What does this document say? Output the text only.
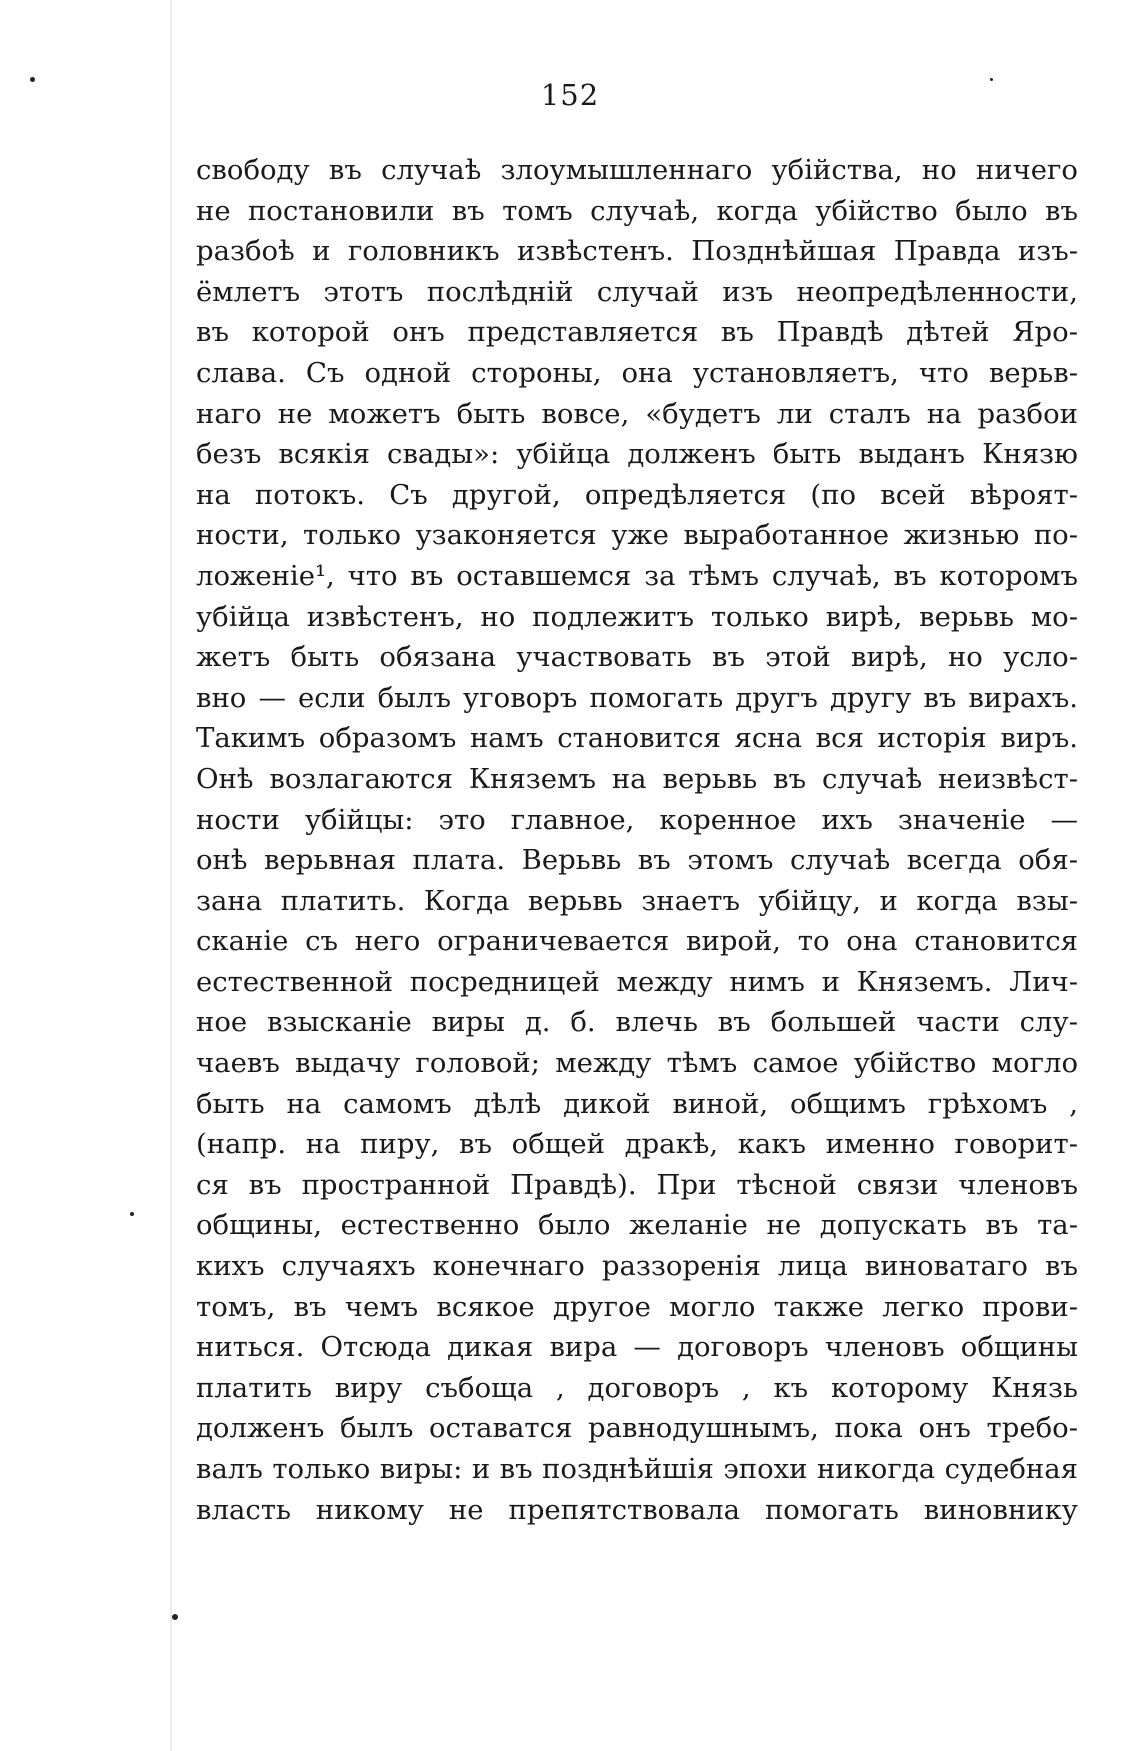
152
свободу въ случаѣ злоумышленнаго убійства, но ничего
не постановили въ томъ случаѣ, когда убійство было въ
разбоѣ и головникъ извѣстенъ. Позднѣйшая Правда изъ-
ёмлетъ этотъ послѣдній случай изъ неопредѣленности,
въ которой онъ представляется въ Правдѣ дѣтей Яро-
слава. Съ одной стороны, она установляетъ, что верьв-
наго не можетъ быть вовсе, «будетъ ли сталъ на разбои
безъ всякія свады»: убійца долженъ быть выданъ Князю
на потокъ. Съ другой, опредѣляется (по всей вѣроят-
ности, только узаконяется уже выработанное жизнью по-
ложеніе¹, что въ оставшемся за тѣмъ случаѣ, въ которомъ
убійца извѣстенъ, но подлежитъ только вирѣ, верьвь мо-
жетъ быть обязана участвовать въ этой вирѣ, но усло-
вно — если былъ уговоръ помогать другъ другу въ вирахъ.
Такимъ образомъ намъ становится ясна вся исторія виръ.
Онѣ возлагаются Княземъ на верьвь въ случаѣ неизвѣст-
ности убійцы: это главное, коренное ихъ значеніе —
онѣ верьвная плата. Верьвь въ этомъ случаѣ всегда обя-
зана платить. Когда верьвь знаетъ убійцу, и когда взы-
сканіе съ него ограничевается вирой, то она становится
естественной посредницей между нимъ и Княземъ. Лич-
ное взысканіе виры д. б. влечь въ большей части слу-
чаевъ выдачу головой; между тѣмъ самое убійство могло
быть на самомъ дѣлѣ дикой виной, общимъ грѣхомъ ,
(напр. на пиру, въ общей дракѣ, какъ именно говорит-
ся въ пространной Правдѣ). При тѣсной связи членовъ
общины, естественно было желаніе не допускать въ та-
кихъ случаяхъ конечнаго раззоренія лица виноватаго въ
томъ, въ чемъ всякое другое могло также легко прови-
ниться. Отсюда дикая вира — договоръ членовъ общины
платить виру събоща , договоръ , къ которому Князь
долженъ былъ оставатся равнодушнымъ, пока онъ требо-
валъ только виры: и въ позднѣйшія эпохи никогда судебная
власть никому не препятствовала помогать виновнику
